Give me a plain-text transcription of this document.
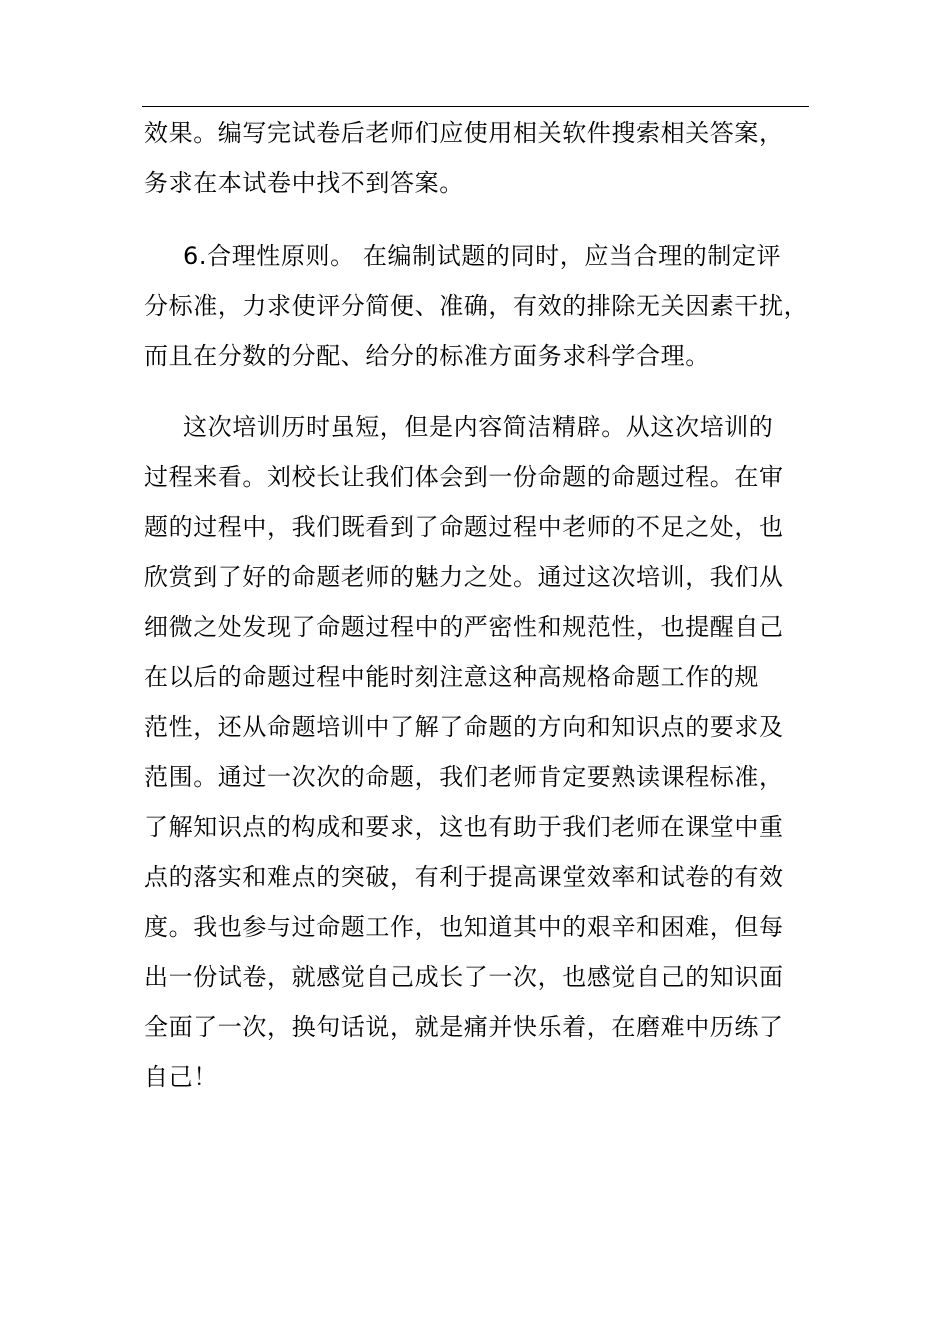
效果。编写完试卷后老师们应使用相关软件搜索相关答案，
务求在本试卷中找不到答案。
6.合理性原则。 在编制试题的同时，应当合理的制定评
分标准，力求使评分简便、准确，有效的排除无关因素干扰，
而且在分数的分配、给分的标准方面务求科学合理。
这次培训历时虽短，但是内容简洁精辟。从这次培训的
过程来看。刘校长让我们体会到一份命题的命题过程。在审
题的过程中，我们既看到了命题过程中老师的不足之处，也
欣赏到了好的命题老师的魅力之处。通过这次培训，我们从
细微之处发现了命题过程中的严密性和规范性，也提醒自己
在以后的命题过程中能时刻注意这种高规格命题工作的规
范性，还从命题培训中了解了命题的方向和知识点的要求及
范围。通过一次次的命题，我们老师肯定要熟读课程标准，
了解知识点的构成和要求，这也有助于我们老师在课堂中重
点的落实和难点的突破，有利于提高课堂效率和试卷的有效
度。我也参与过命题工作，也知道其中的艰辛和困难，但每
出一份试卷，就感觉自己成长了一次，也感觉自己的知识面
全面了一次，换句话说，就是痛并快乐着，在磨难中历练了
自己！
